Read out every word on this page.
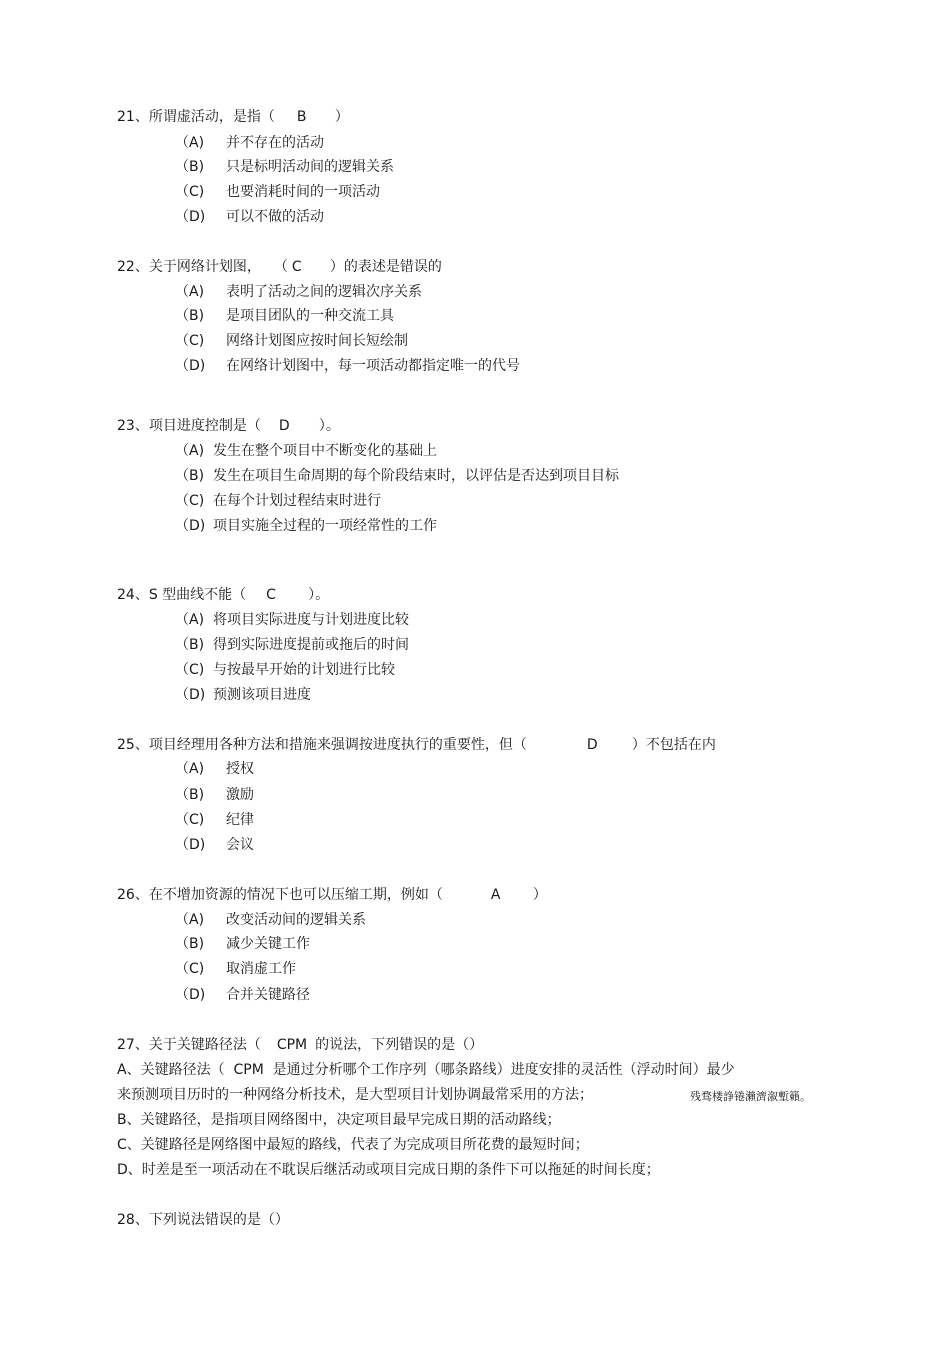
21、所谓虚活动，是指（ B ）
（A) 并不存在的活动
（B) 只是标明活动间的逻辑关系
（C) 也要消耗时间的一项活动
（D) 可以不做的活动
22、关于网络计划图， （ C ）的表述是错误的
（A) 表明了活动之间的逻辑次序关系
（B) 是项目团队的一种交流工具
（C) 网络计划图应按时间长短绘制
（D) 在网络计划图中，每一项活动都指定唯一的代号
23、项目进度控制是（ D ）。
（A) 发生在整个项目中不断变化的基础上
（B) 发生在项目生命周期的每个阶段结束时，以评估是否达到项目目标
（C) 在每个计划过程结束时进行
（D) 项目实施全过程的一项经常性的工作
24、S 型曲线不能（ C ）。
（A) 将项目实际进度与计划进度比较
（B) 得到实际进度提前或拖后的时间
（C) 与按最早开始的计划进行比较
（D) 预测该项目进度
25、项目经理用各种方法和措施来强调按进度执行的重要性，但（	D ）不包括在内
（A) 授权
（B) 激励
（C) 纪律
（D) 会议
26、在不增加资源的情况下也可以压缩工期，例如（	A ）
（A) 改变活动间的逻辑关系
（B) 减少关键工作
（C) 取消虚工作
（D) 合并关键路径
27、关于关键路径法（ CPM 的说法，下列错误的是（）
A、关键路径法（  CPM  是通过分析哪个工作序列（哪条路线）进度安排的灵活性（浮动时间）最少
来预测项目历时的一种网络分析技术，是大型项目计划协调最常采用的方法；	残骛楼諍锩瀨濟溆塹籟。
B、关键路径，是指项目网络图中，决定项目最早完成日期的活动路线；
C、关键路径是网络图中最短的路线，代表了为完成项目所花费的最短时间；
D、时差是至一项活动在不耽误后继活动或项目完成日期的条件下可以拖延的时间长度；
28、下列说法错误的是（）
